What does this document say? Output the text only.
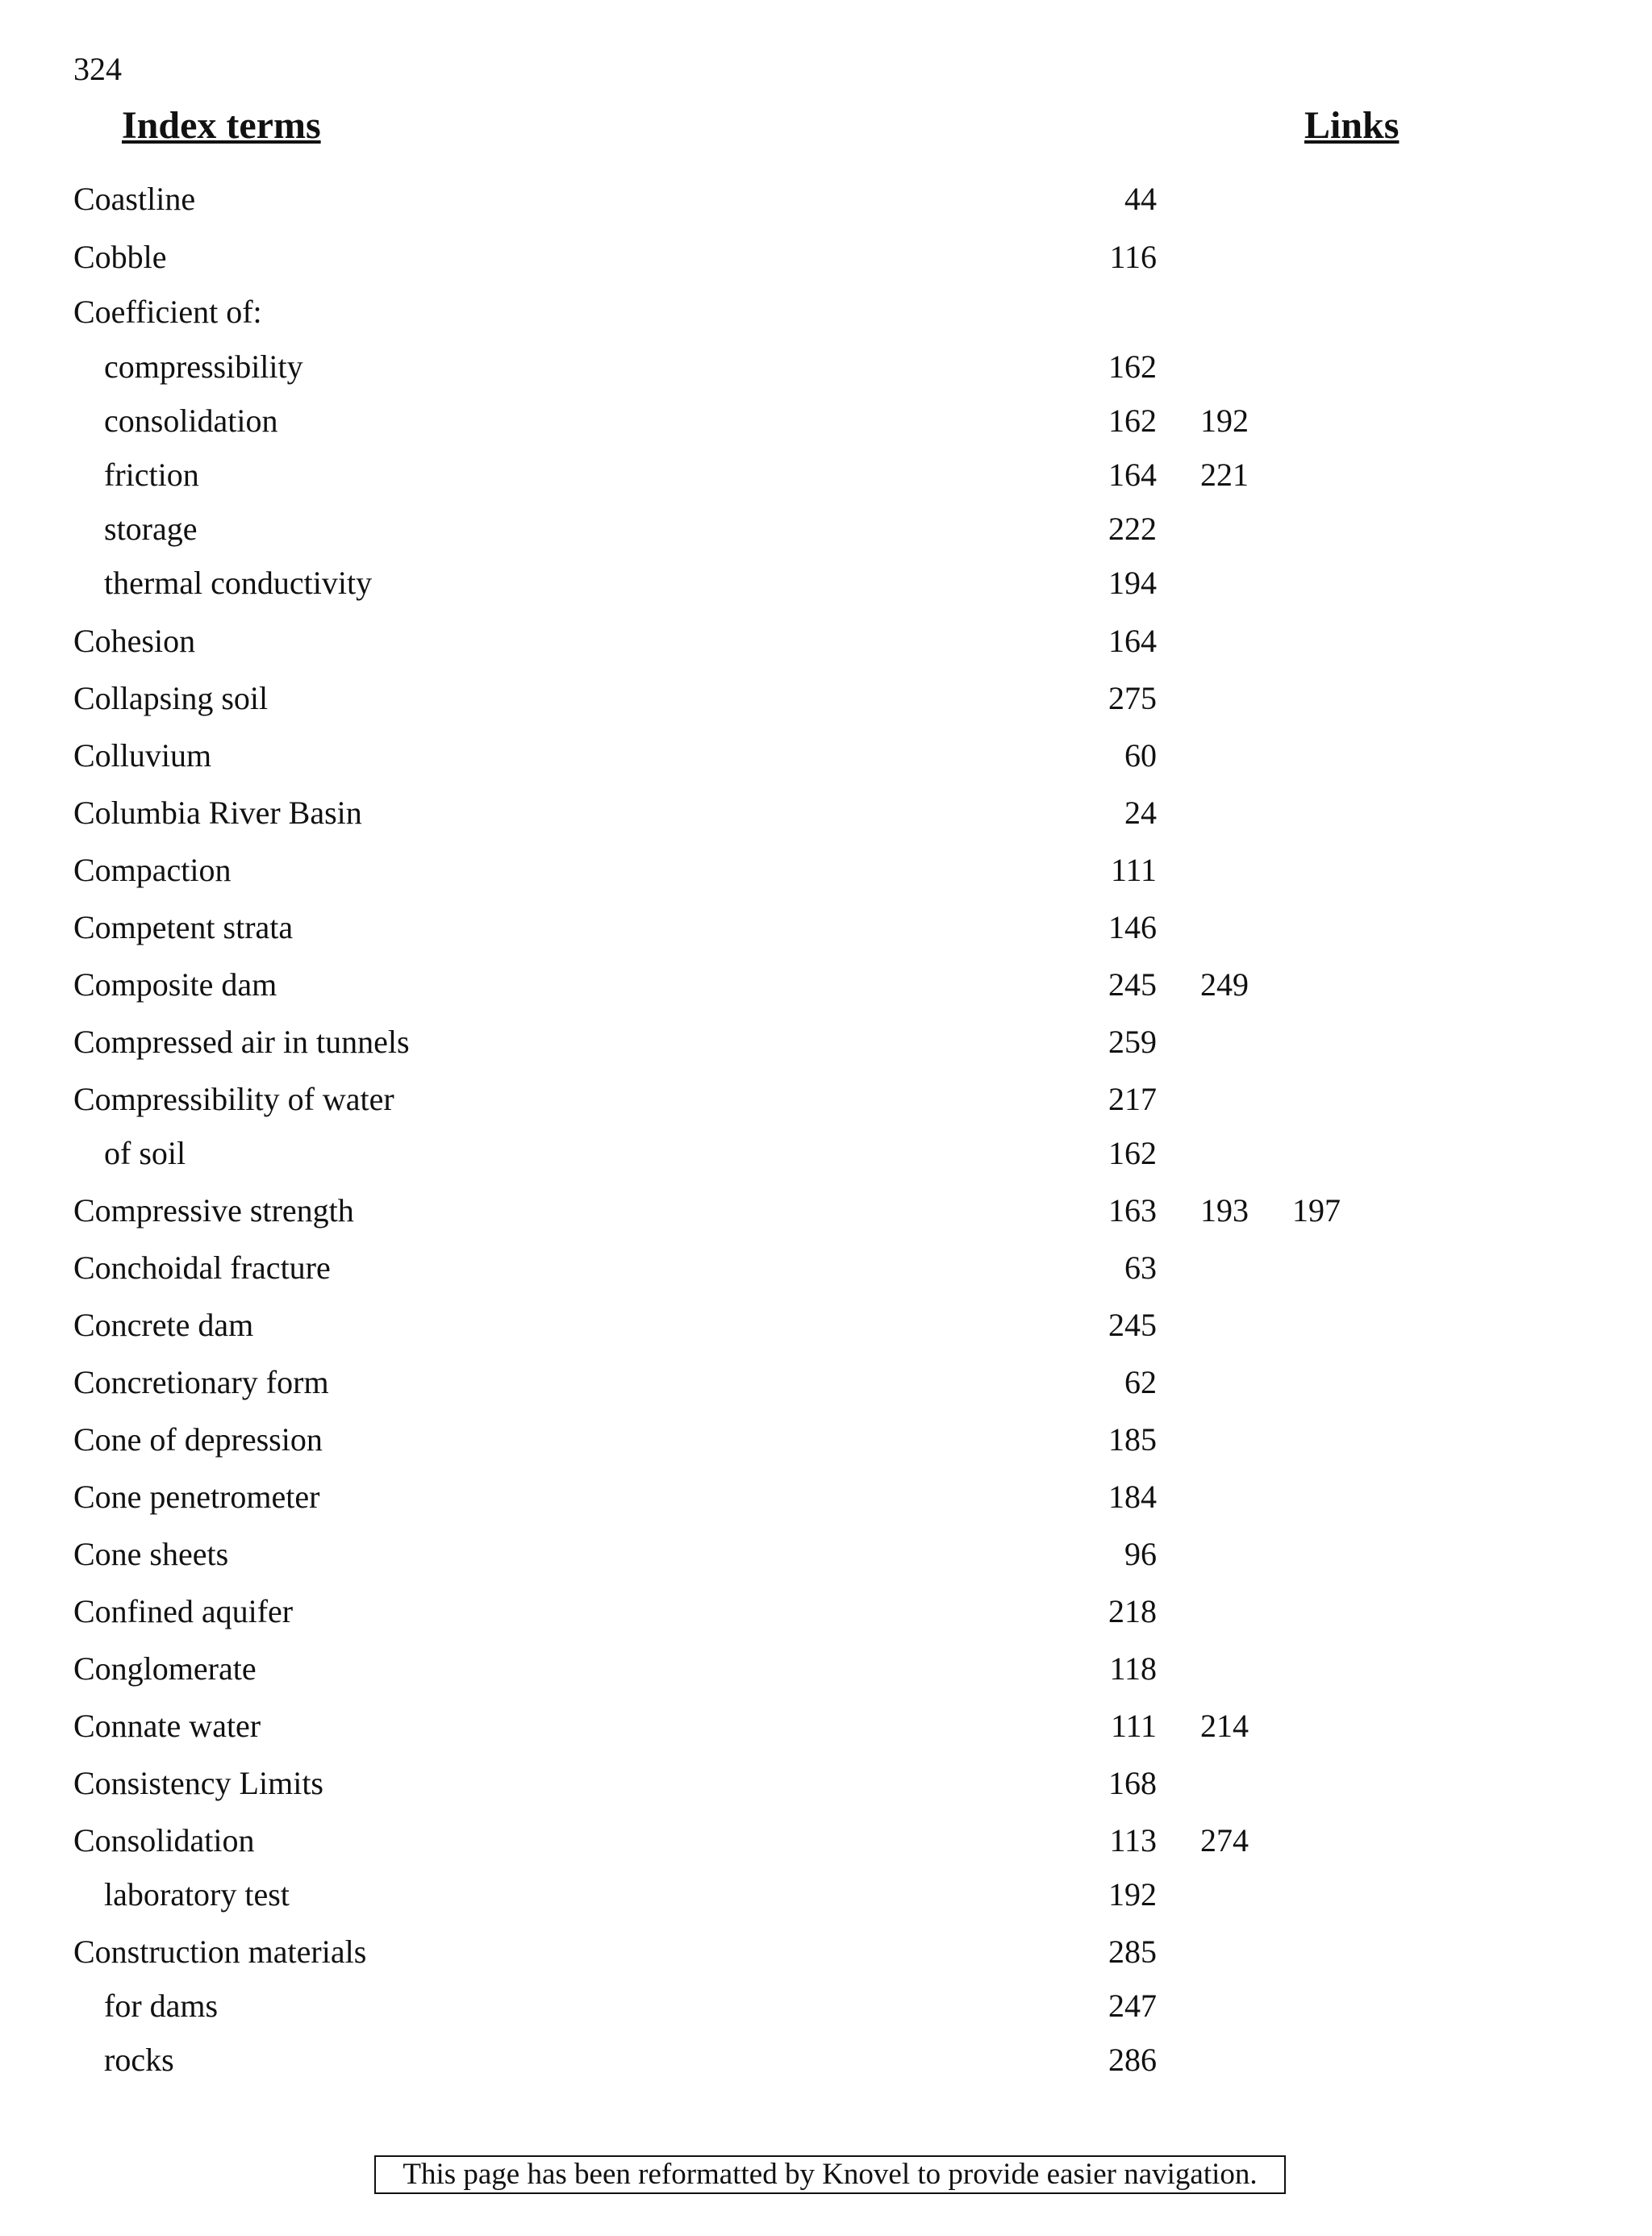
324
Index terms	Links
Coastline	44
Cobble	116
Coefficient of:
compressibility	162
consolidation	162	192
friction	164	221
storage	222
thermal conductivity	194
Cohesion	164
Collapsing soil	275
Colluvium	60
Columbia River Basin	24
Compaction	111
Competent strata	146
Composite dam	245	249
Compressed air in tunnels	259
Compressibility of water	217
of soil	162
Compressive strength	163	193	197
Conchoidal fracture	63
Concrete dam	245
Concretionary form	62
Cone of depression	185
Cone penetrometer	184
Cone sheets	96
Confined aquifer	218
Conglomerate	118
Connate water	111	214
Consistency Limits	168
Consolidation	113	274
laboratory test	192
Construction materials	285
for dams	247
rocks	286
This page has been reformatted by Knovel to provide easier navigation.
